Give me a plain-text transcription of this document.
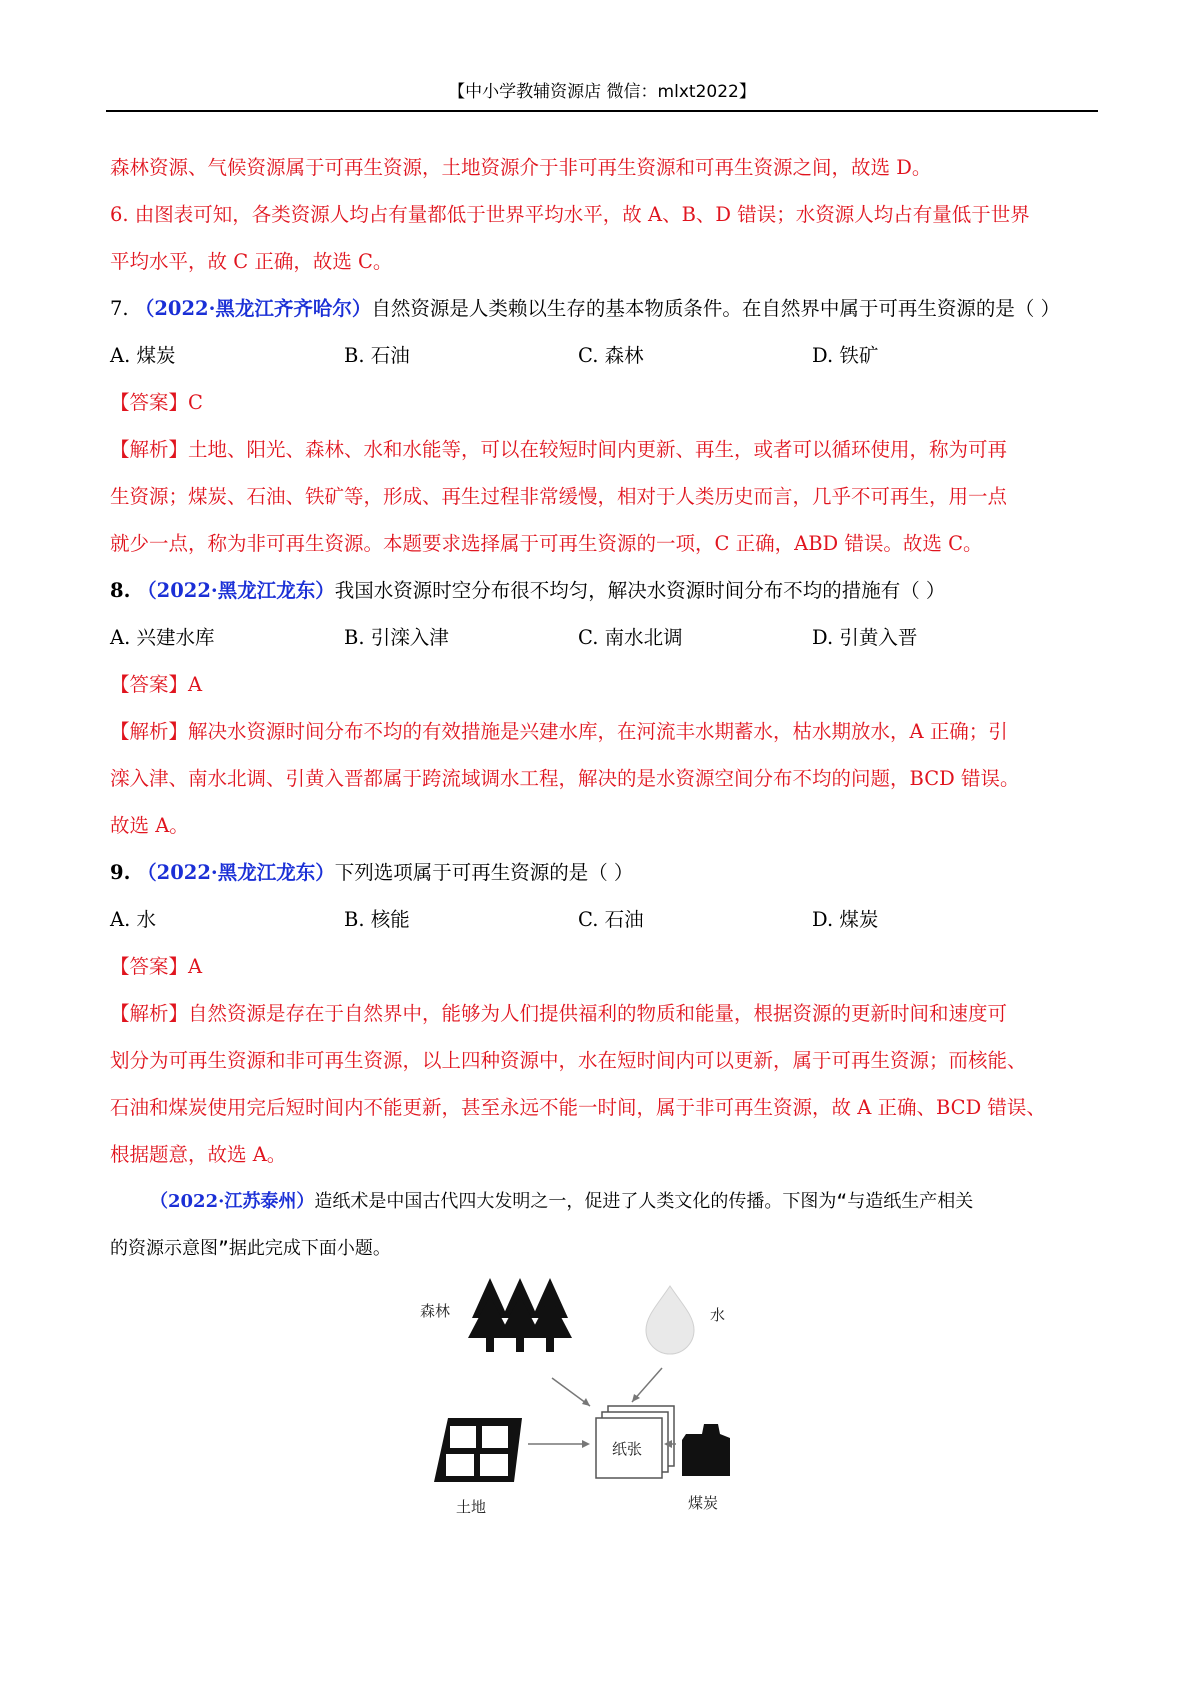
【中小学教辅资源店 微信：mlxt2022】
森林资源、气候资源属于可再生资源，土地资源介于非可再生资源和可再生资源之间，故选 D。
6. 由图表可知，各类资源人均占有量都低于世界平均水平，故 A、B、D 错误；水资源人均占有量低于世界
平均水平，故 C 正确，故选 C。
7. （2022·黑龙江齐齐哈尔）自然资源是人类赖以生存的基本物质条件。在自然界中属于可再生资源的是（ ）
A. 煤炭	B. 石油	C. 森林	D. 铁矿
【答案】C
【解析】土地、阳光、森林、水和水能等，可以在较短时间内更新、再生，或者可以循环使用，称为可再
生资源；煤炭、石油、铁矿等，形成、再生过程非常缓慢，相对于人类历史而言，几乎不可再生，用一点
就少一点，称为非可再生资源。本题要求选择属于可再生资源的一项，C 正确，ABD 错误。故选 C。
8. （2022·黑龙江龙东）我国水资源时空分布很不均匀，解决水资源时间分布不均的措施有（ ）
A. 兴建水库	B. 引滦入津	C. 南水北调	D. 引黄入晋
【答案】A
【解析】解决水资源时间分布不均的有效措施是兴建水库，在河流丰水期蓄水，枯水期放水，A 正确；引
滦入津、南水北调、引黄入晋都属于跨流域调水工程，解决的是水资源空间分布不均的问题，BCD 错误。
故选 A。
9. （2022·黑龙江龙东）下列选项属于可再生资源的是（ ）
A. 水	B. 核能	C. 石油	D. 煤炭
【答案】A
【解析】自然资源是存在于自然界中，能够为人们提供福利的物质和能量，根据资源的更新时间和速度可
划分为可再生资源和非可再生资源，以上四种资源中，水在短时间内可以更新，属于可再生资源；而核能、
石油和煤炭使用完后短时间内不能更新，甚至永远不能一时间，属于非可再生资源，故 A 正确、BCD 错误、
根据题意，故选 A。
（2022·江苏泰州）造纸术是中国古代四大发明之一，促进了人类文化的传播。下图为“与造纸生产相关
的资源示意图”据此完成下面小题。
森林	水
纸张
土地	煤炭
